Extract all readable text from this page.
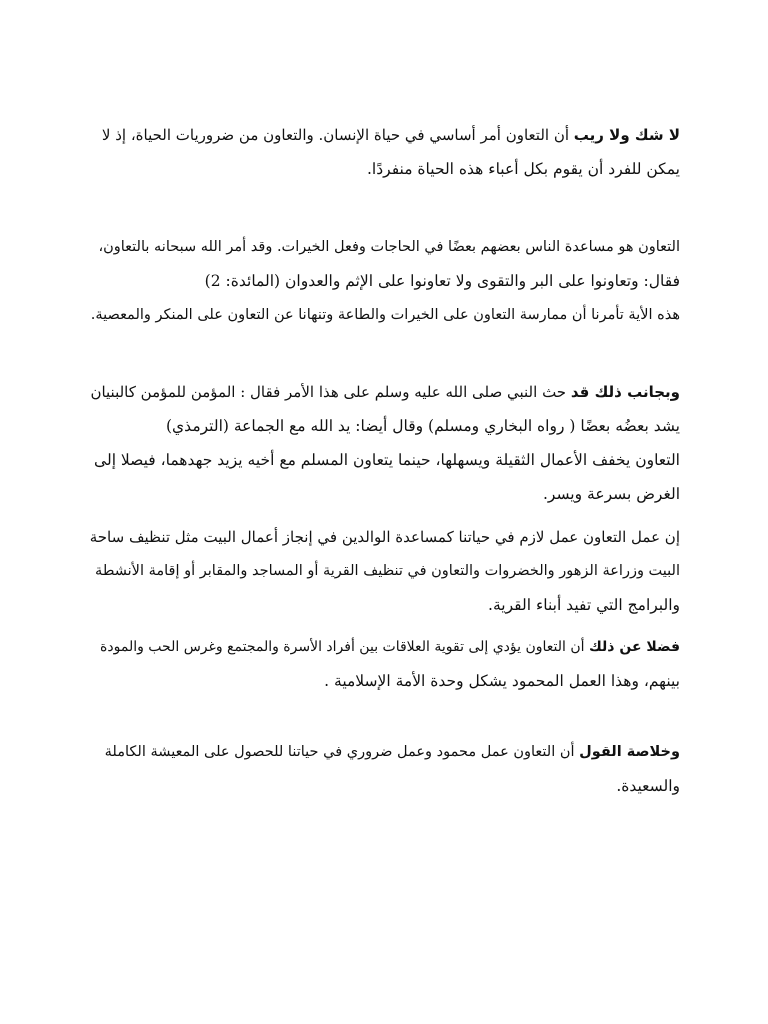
لا شك ولا ريب أن التعاون أمر أساسي في حياة الإنسان. والتعاون من ضروريات الحياة، إذ لا
يمكن للفرد أن يقوم بكل أعباء هذه الحياة منفردًا.

التعاون هو مساعدة الناس بعضهم بعضًا في الحاجات وفعل الخيرات. وقد أمر الله سبحانه بالتعاون،
فقال: وتعاونوا على البر والتقوى ولا تعاونوا على الإثم والعدوان (المائدة: 2)
هذه الأية تأمرنا أن ممارسة التعاون على الخيرات والطاعة وتنهانا عن التعاون على المنكر والمعصية.

وبجانب ذلك قد حث النبي صلى الله عليه وسلم على هذا الأمر فقال : المؤمن للمؤمن كالبنيان
يشد بعضُه بعضًا ( رواه البخاري ومسلم) وقال أيضا: يد الله مع الجماعة (الترمذي)
التعاون يخفف الأعمال الثقيلة ويسهلها، حينما يتعاون المسلم مع أخيه يزيد جهدهما، فيصلا إلى
الغرض بسرعة ويسر.

إن عمل التعاون عمل لازم في حياتنا كمساعدة الوالدين في إنجاز أعمال البيت مثل تنظيف ساحة
البيت وزراعة الزهور والخضروات والتعاون في تنظيف القرية أو المساجد والمقابر أو إقامة الأنشطة
والبرامج التي تفيد أبناء القرية.

فضلا عن ذلك أن التعاون يؤدي إلى تقوية العلاقات بين أفراد الأسرة والمجتمع وغرس الحب والمودة
بينهم، وهذا العمل المحمود يشكل وحدة الأمة الإسلامية .

وخلاصة القول أن التعاون عمل محمود وعمل ضروري في حياتنا للحصول على المعيشة الكاملة
والسعيدة.
